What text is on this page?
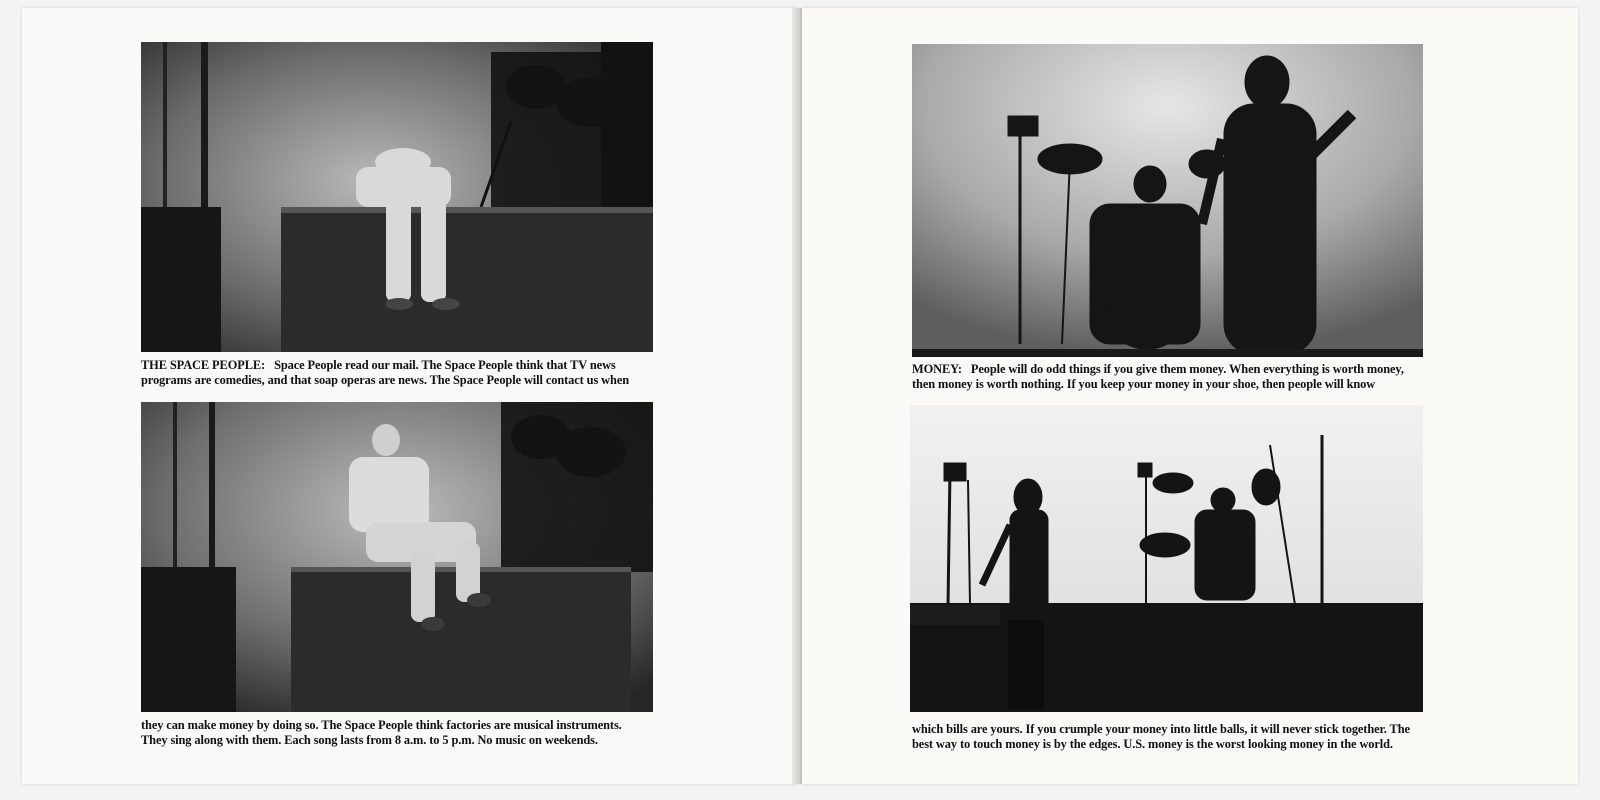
THE SPACE PEOPLE: Space People read our mail. The Space People think that TV news
programs are comedies, and that soap operas are news. The Space People will contact us when
they can make money by doing so. The Space People think factories are musical instruments.
They sing along with them. Each song lasts from 8 a.m. to 5 p.m. No music on weekends.
MONEY: People will do odd things if you give them money. When everything is worth money,
then money is worth nothing. If you keep your money in your shoe, then people will know
which bills are yours. If you crumple your money into little balls, it will never stick together. The
best way to touch money is by the edges. U.S. money is the worst looking money in the world.
